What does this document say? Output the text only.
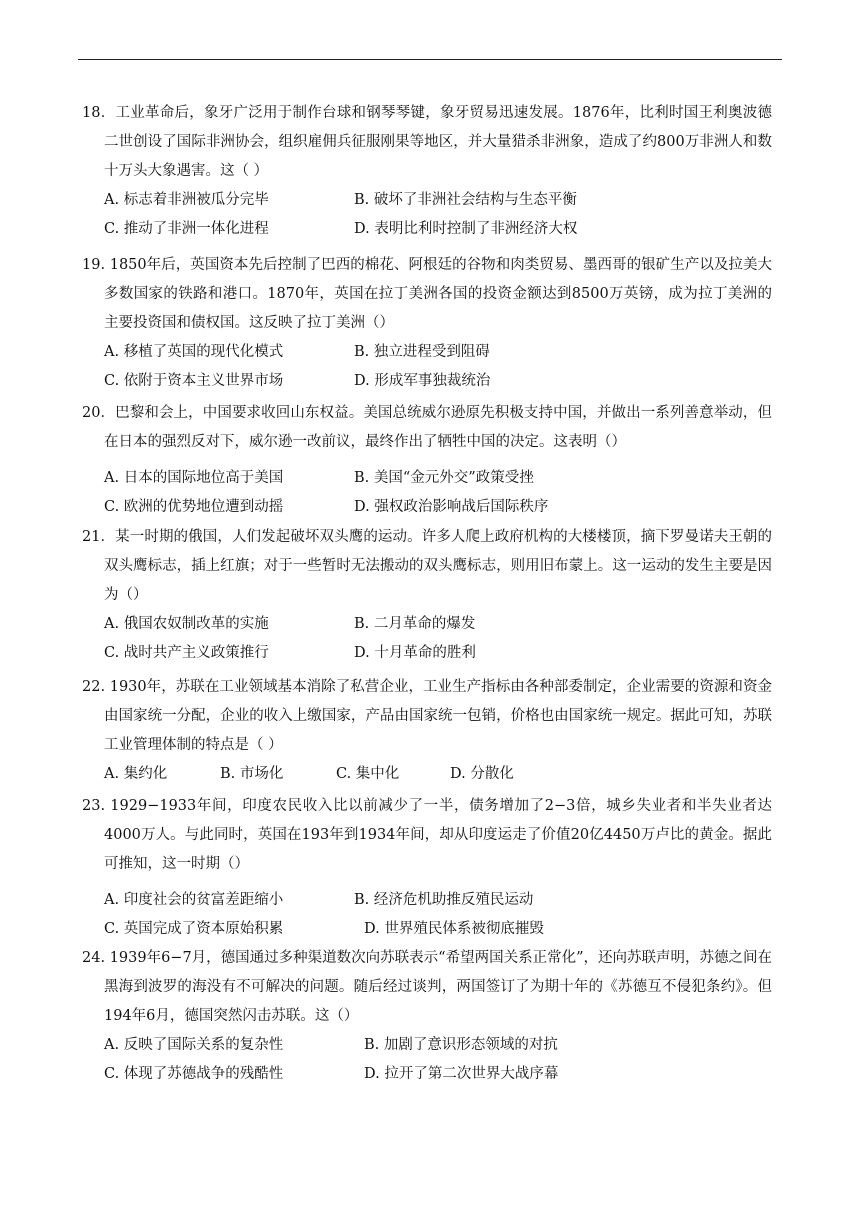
18．工业革命后，象牙广泛用于制作台球和钢琴琴键，象牙贸易迅速发展。1876年，比利时国王利奥波德二世创设了国际非洲协会，组织雇佣兵征服刚果等地区，并大量猎杀非洲象，造成了约800万非洲人和数十万头大象遇害。这（ ）

A. 标志着非洲被瓜分完毕	B. 破坏了非洲社会结构与生态平衡
C. 推动了非洲一体化进程	D. 表明比利时控制了非洲经济大权

19. 1850年后，英国资本先后控制了巴西的棉花、阿根廷的谷物和肉类贸易、墨西哥的银矿生产以及拉美大多数国家的铁路和港口。1870年，英国在拉丁美洲各国的投资金额达到8500万英镑，成为拉丁美洲的主要投资国和债权国。这反映了拉丁美洲（）

A. 移植了英国的现代化模式	B. 独立进程受到阻碍
C. 依附于资本主义世界市场	D. 形成军事独裁统治

20．巴黎和会上，中国要求收回山东权益。美国总统威尔逊原先积极支持中国，并做出一系列善意举动，但在日本的强烈反对下，威尔逊一改前议，最终作出了牺牲中国的决定。这表明（）

A. 日本的国际地位高于美国	B. 美国“金元外交”政策受挫
C. 欧洲的优势地位遭到动摇	D. 强权政治影响战后国际秩序

21．某一时期的俄国，人们发起破坏双头鹰的运动。许多人爬上政府机构的大楼楼顶，摘下罗曼诺夫王朝的双头鹰标志，插上红旗；对于一些暂时无法搬动的双头鹰标志，则用旧布蒙上。这一运动的发生主要是因为（）

A. 俄国农奴制改革的实施	B. 二月革命的爆发
C. 战时共产主义政策推行	D. 十月革命的胜利

22. 1930年，苏联在工业领域基本消除了私营企业，工业生产指标由各种部委制定，企业需要的资源和资金由国家统一分配，企业的收入上缴国家，产品由国家统一包销，价格也由国家统一规定。据此可知，苏联工业管理体制的特点是（ ）

A. 集约化	B. 市场化	C. 集中化	D. 分散化

23. 1929−1933年间，印度农民收入比以前减少了一半，债务增加了2−3倍，城乡失业者和半失业者达4000万人。与此同时，英国在193年到1934年间，却从印度运走了价值20亿4450万卢比的黄金。据此可推知，这一时期（）

A. 印度社会的贫富差距缩小	B. 经济危机助推反殖民运动
C. 英国完成了资本原始积累	D. 世界殖民体系被彻底摧毁

24. 1939年6−7月，德国通过多种渠道数次向苏联表示“希望两国关系正常化”，还向苏联声明，苏德之间在黑海到波罗的海没有不可解决的问题。随后经过谈判，两国签订了为期十年的《苏德互不侵犯条约》。但194年6月，德国突然闪击苏联。这（）

A. 反映了国际关系的复杂性	B. 加剧了意识形态领域的对抗
C. 体现了苏德战争的残酷性	D. 拉开了第二次世界大战序幕
